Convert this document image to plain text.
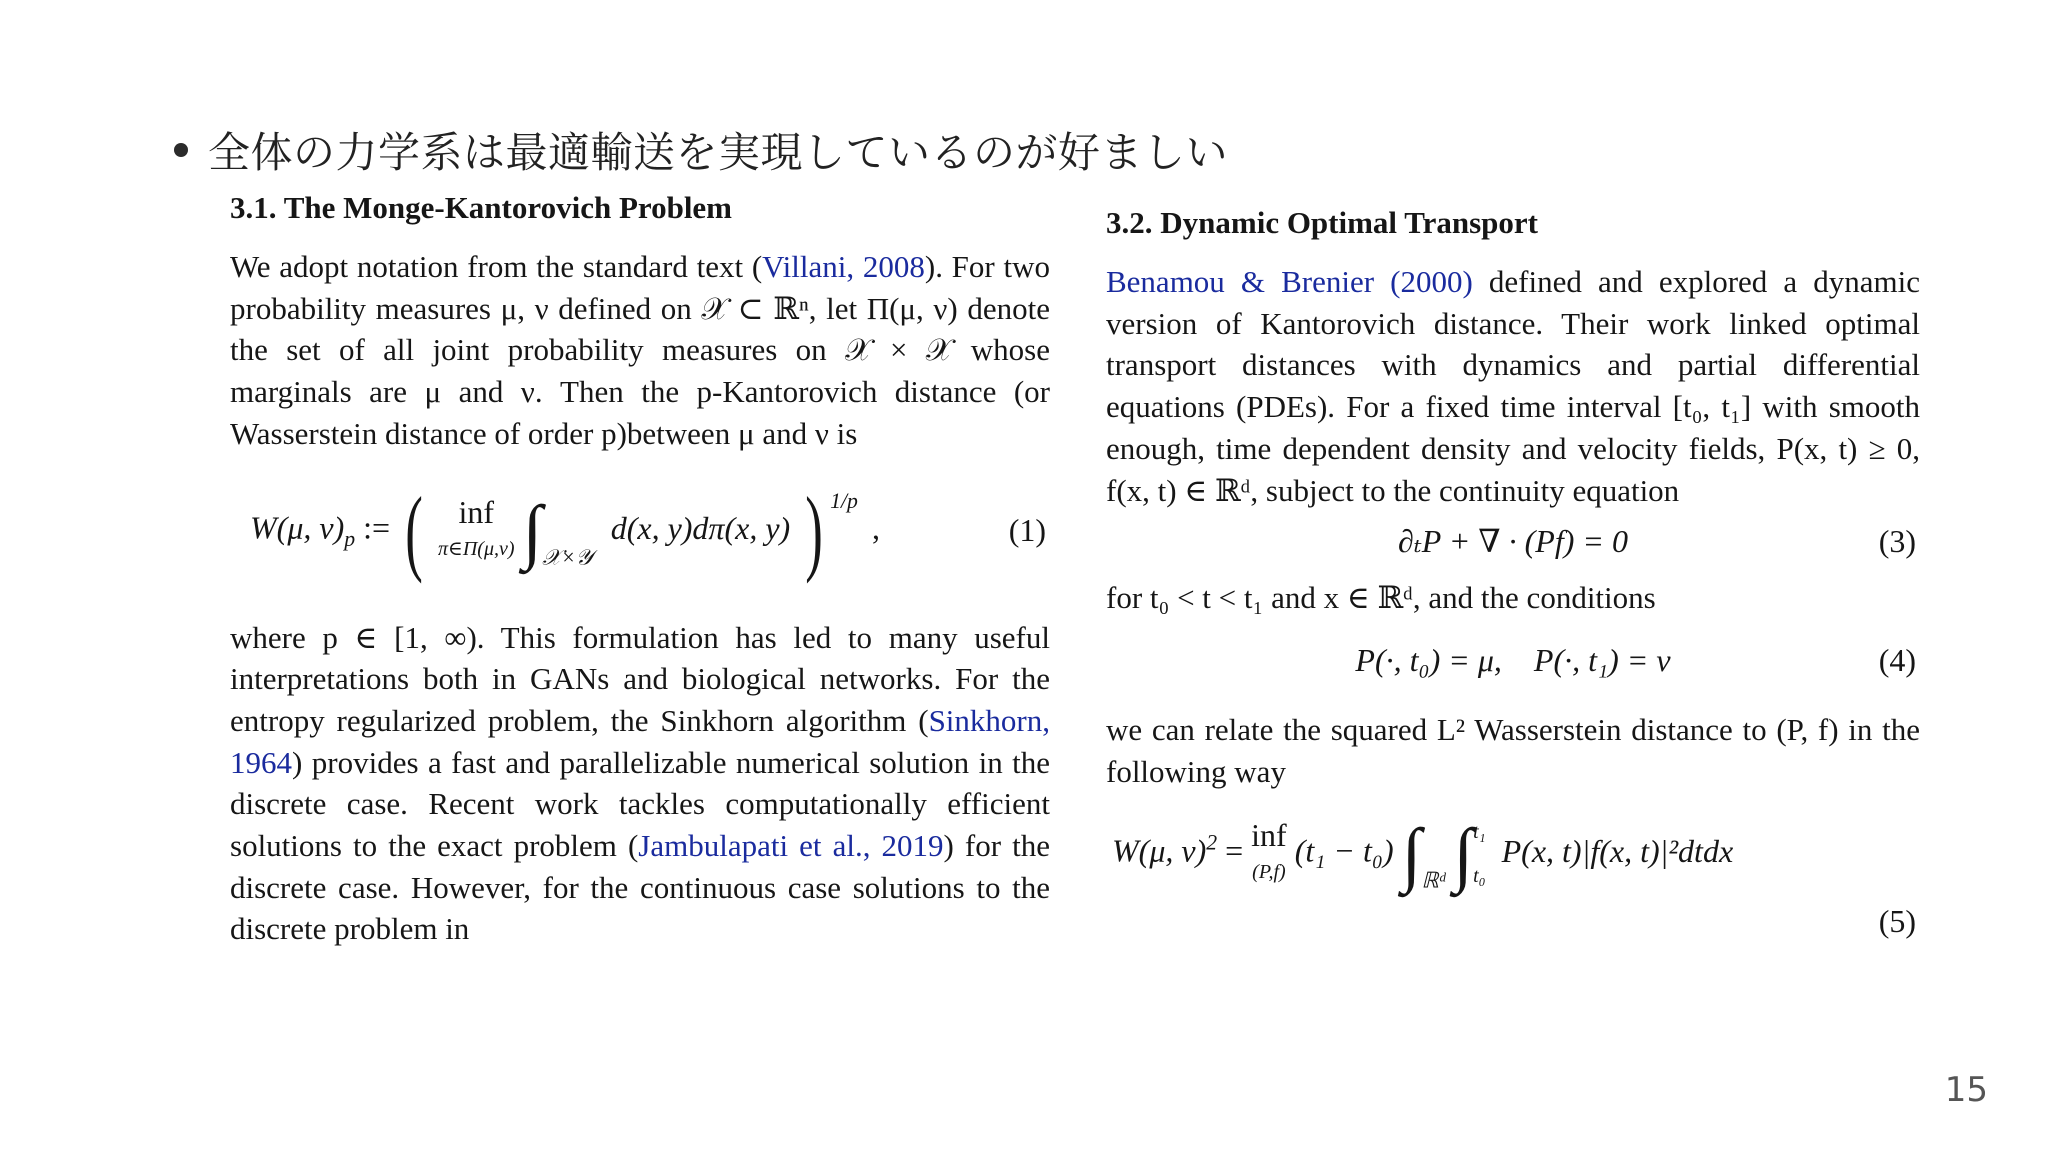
全体の力学系は最適輸送を実現しているのが好ましい
3.1. The Monge-Kantorovich Problem
We adopt notation from the standard text (Villani, 2008). For two probability measures μ, ν defined on 𝒳 ⊂ ℝⁿ, let Π(μ, ν) denote the set of all joint probability measures on 𝒳 × 𝒳 whose marginals are μ and ν. Then the p-Kantorovich distance (or Wasserstein distance of order p)between μ and ν is
W(μ, $\nu)_p$ := ( inf
π∈Π(μ,ν) $\int_{𝒳\times 𝒴}$ d(x, y)dπ(x, y) ) $^{1/p}$,	(1)
where p ∈ [1, ∞). This formulation has led to many useful interpretations both in GANs and biological networks. For the entropy regularized problem, the Sinkhorn algorithm (Sinkhorn, 1964) provides a fast and parallelizable numerical solution in the discrete case. Recent work tackles computationally efficient solutions to the exact problem (Jambulapati et al., 2019) for the discrete case. However, for the continuous case solutions to the discrete problem in
3.2. Dynamic Optimal Transport
Benamou & Brenier (2000) defined and explored a dynamic version of Kantorovich distance. Their work linked optimal transport distances with dynamics and partial differential equations (PDEs). For a fixed time interval [t₀, t₁] with smooth enough, time dependent density and velocity fields, P(x, t) ≥ 0, f(x, t) ∈ ℝᵈ, subject to the continuity equation
∂ₜP + ∇ · (Pf) = 0	(3)
for t₀ < t < t₁ and x ∈ ℝᵈ, and the conditions
P(·, t₀) = μ,    P(·, t₁) = ν	(4)
we can relate the squared L² Wasserstein distance to (P, f) in the following way
W(μ, ν)$^2$ = inf
(P,f)
(t₁ − t₀) $\int_{ℝᵈ}$ ∫ t₁
t₀
P(x, t)|f(x, t)|²dtdx
(5)
15
